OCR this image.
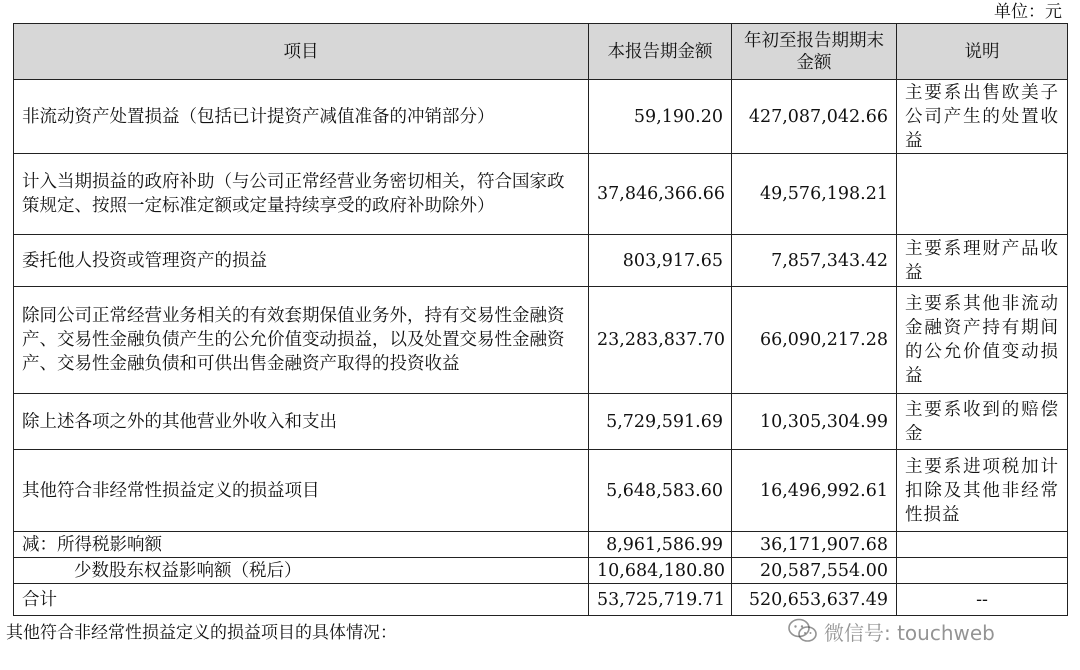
单位：元
项目	本报告期金额	年初至报告期期末金额	说明
非流动资产处置损益（包括已计提资产减值准备的冲销部分）	59,190.20	427,087,042.66	主要系出售欧美子公司产生的处置收益
计入当期损益的政府补助（与公司正常经营业务密切相关，符合国家政策规定、按照一定标准定额或定量持续享受的政府补助除外）	37,846,366.66	49,576,198.21	
委托他人投资或管理资产的损益	803,917.65	7,857,343.42	主要系理财产品收益
除同公司正常经营业务相关的有效套期保值业务外，持有交易性金融资产、交易性金融负债产生的公允价值变动损益，以及处置交易性金融资产、交易性金融负债和可供出售金融资产取得的投资收益	23,283,837.70	66,090,217.28	主要系其他非流动金融资产持有期间的公允价值变动损益
除上述各项之外的其他营业外收入和支出	5,729,591.69	10,305,304.99	主要系收到的赔偿金
其他符合非经常性损益定义的损益项目	5,648,583.60	16,496,992.61	主要系进项税加计扣除及其他非经常性损益
减：所得税影响额	8,961,586.99	36,171,907.68	
少数股东权益影响额（税后）	10,684,180.80	20,587,554.00	
合计	53,725,719.71	520,653,637.49	--
其他符合非经常性损益定义的损益项目的具体情况：	微信号: touchweb
